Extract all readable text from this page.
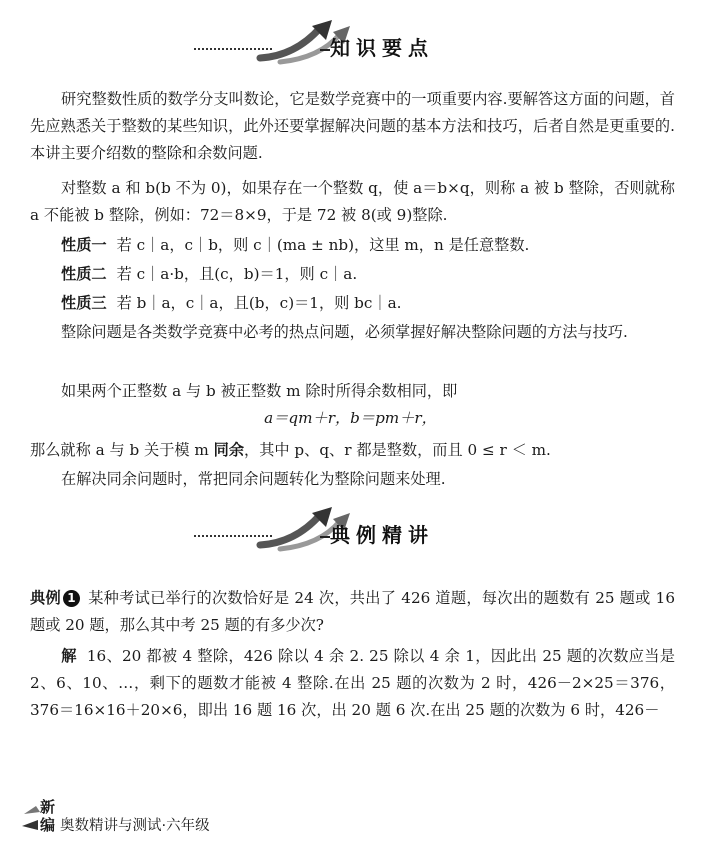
知识要点
研究整数性质的数学分支叫数论，它是数学竞赛中的一项重要内容.要解答这方面的问题，首先应熟悉关于整数的某些知识，此外还要掌握解决问题的基本方法和技巧，后者自然是更重要的.本讲主要介绍数的整除和余数问题.
对整数 a 和 b(b 不为 0)，如果存在一个整数 q，使 a＝b×q，则称 a 被 b 整除，否则就称 a 不能被 b 整除，例如：72＝8×9，于是 72 被 8(或 9)整除.
性质一 若 c｜a，c｜b，则 c｜(ma ± nb)，这里 m，n 是任意整数.
性质二 若 c｜a·b，且(c，b)＝1，则 c｜a.
性质三 若 b｜a，c｜a，且(b，c)＝1，则 bc｜a.
整除问题是各类数学竞赛中必考的热点问题，必须掌握好解决整除问题的方法与技巧.
如果两个正整数 a 与 b 被正整数 m 除时所得余数相同，即
a＝qm＋r，b＝pm＋r，
那么就称 a 与 b 关于模 m 同余，其中 p、q、r 都是整数，而且 0 ≤ r ＜ m.
在解决同余问题时，常把同余问题转化为整除问题来处理.
典例精讲
典例 1 某种考试已举行的次数恰好是 24 次，共出了 426 道题，每次出的题数有 25 题或 16 题或 20 题，那么其中考 25 题的有多少次?
解 16、20 都被 4 整除，426 除以 4 余 2. 25 除以 4 余 1，因此出 25 题的次数应当是 2、6、10、…，剩下的题数才能被 4 整除.在出 25 题的次数为 2 时，426－2×25＝376，376＝16×16＋20×6，即出 16 题 16 次，出 20 题 6 次.在出 25 题的次数为 6 时，426－
新
编 奥数精讲与测试·六年级
